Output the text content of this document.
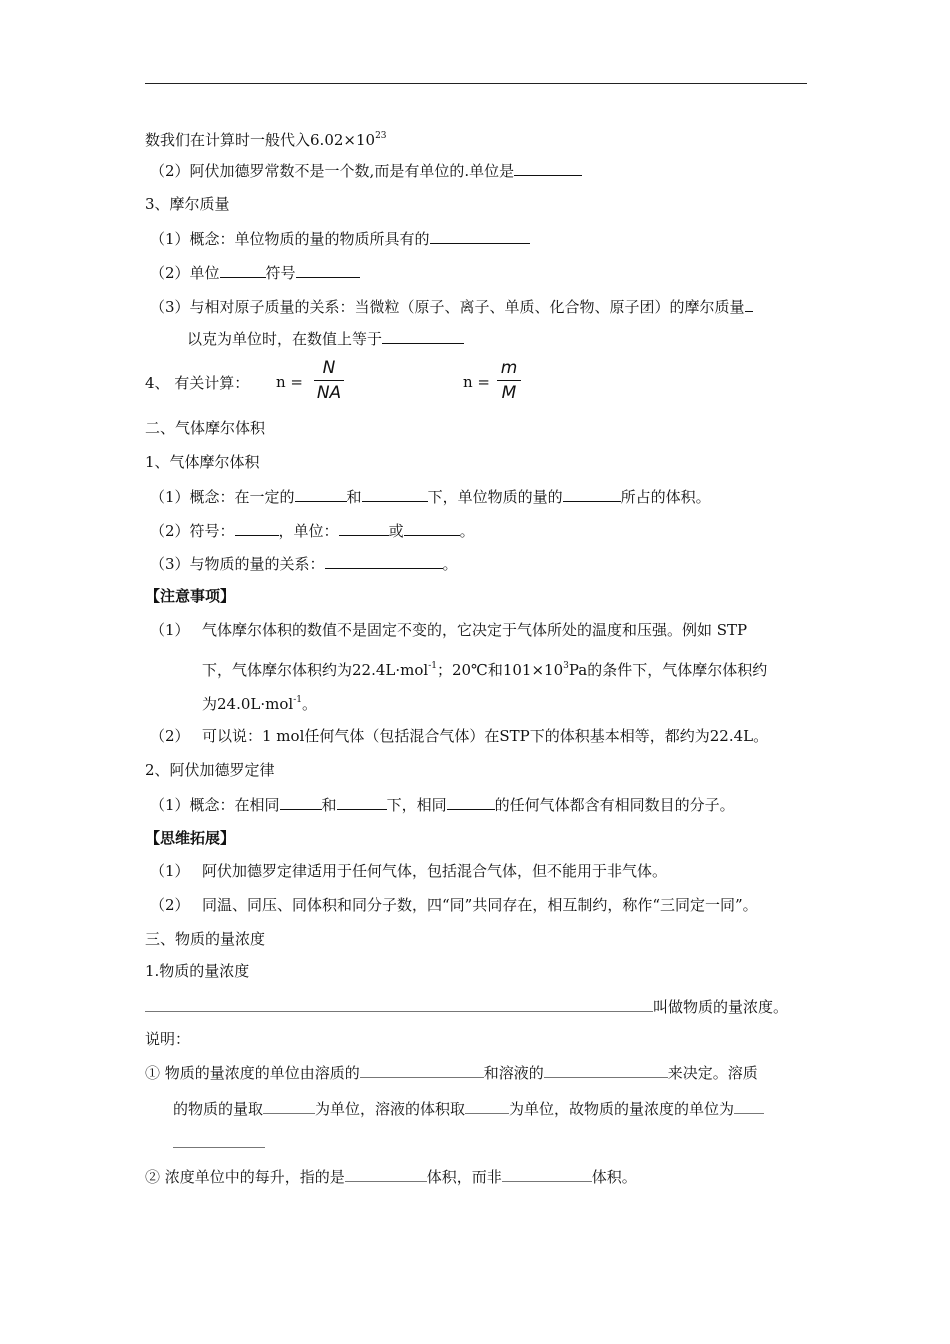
数我们在计算时一般代入$6.02\times 10^{23}$
（2）阿伏加德罗常数不是一个数,而是有单位的.单位是
3、摩尔质量
（1）概念：单位物质的量的物质所具有的
（2）单位	符号
（3）与相对原子质量的关系：当微粒（原子、离子、单质、化合物、原子团）的摩尔质量
以克为单位时，在数值上等于
4、 有关计算： n =
N
NA
n =
m
M
二、气体摩尔体积
1、气体摩尔体积
（1）概念：在一定的	和	下，单位物质的量的	所占的体积。
（2）符号：	，单位：	或	。
（3）与物质的量的关系：	。
【注意事项】
（1） 气体摩尔体积的数值不是固定不变的，它决定于气体所处的温度和压强。例如 STP
下，气体摩尔体积约为22.4L·mol$^{-1}$；20℃和$101\times 10^3Pa$的条件下，气体摩尔体积约
为24.0L·mol$^{-1}$。
（2） 可以说：1 mol任何气体（包括混合气体）在STP下的体积基本相等，都约为22.4L。
2、阿伏加德罗定律
（1）概念：在相同	和	下，相同	的任何气体都含有相同数目的分子。
【思维拓展】
（1） 阿伏加德罗定律适用于任何气体，包括混合气体，但不能用于非气体。
（2） 同温、同压、同体积和同分子数，四“同”共同存在，相互制约，称作“三同定一同”。
三、物质的量浓度
1.物质的量浓度
叫做物质的量浓度。
说明：
① 物质的量浓度的单位由溶质的	和溶液的	来决定。溶质
的物质的量取	为单位，溶液的体积取	为单位，故物质的量浓度的单位为
② 浓度单位中的每升，指的是	体积，而非	体积。
